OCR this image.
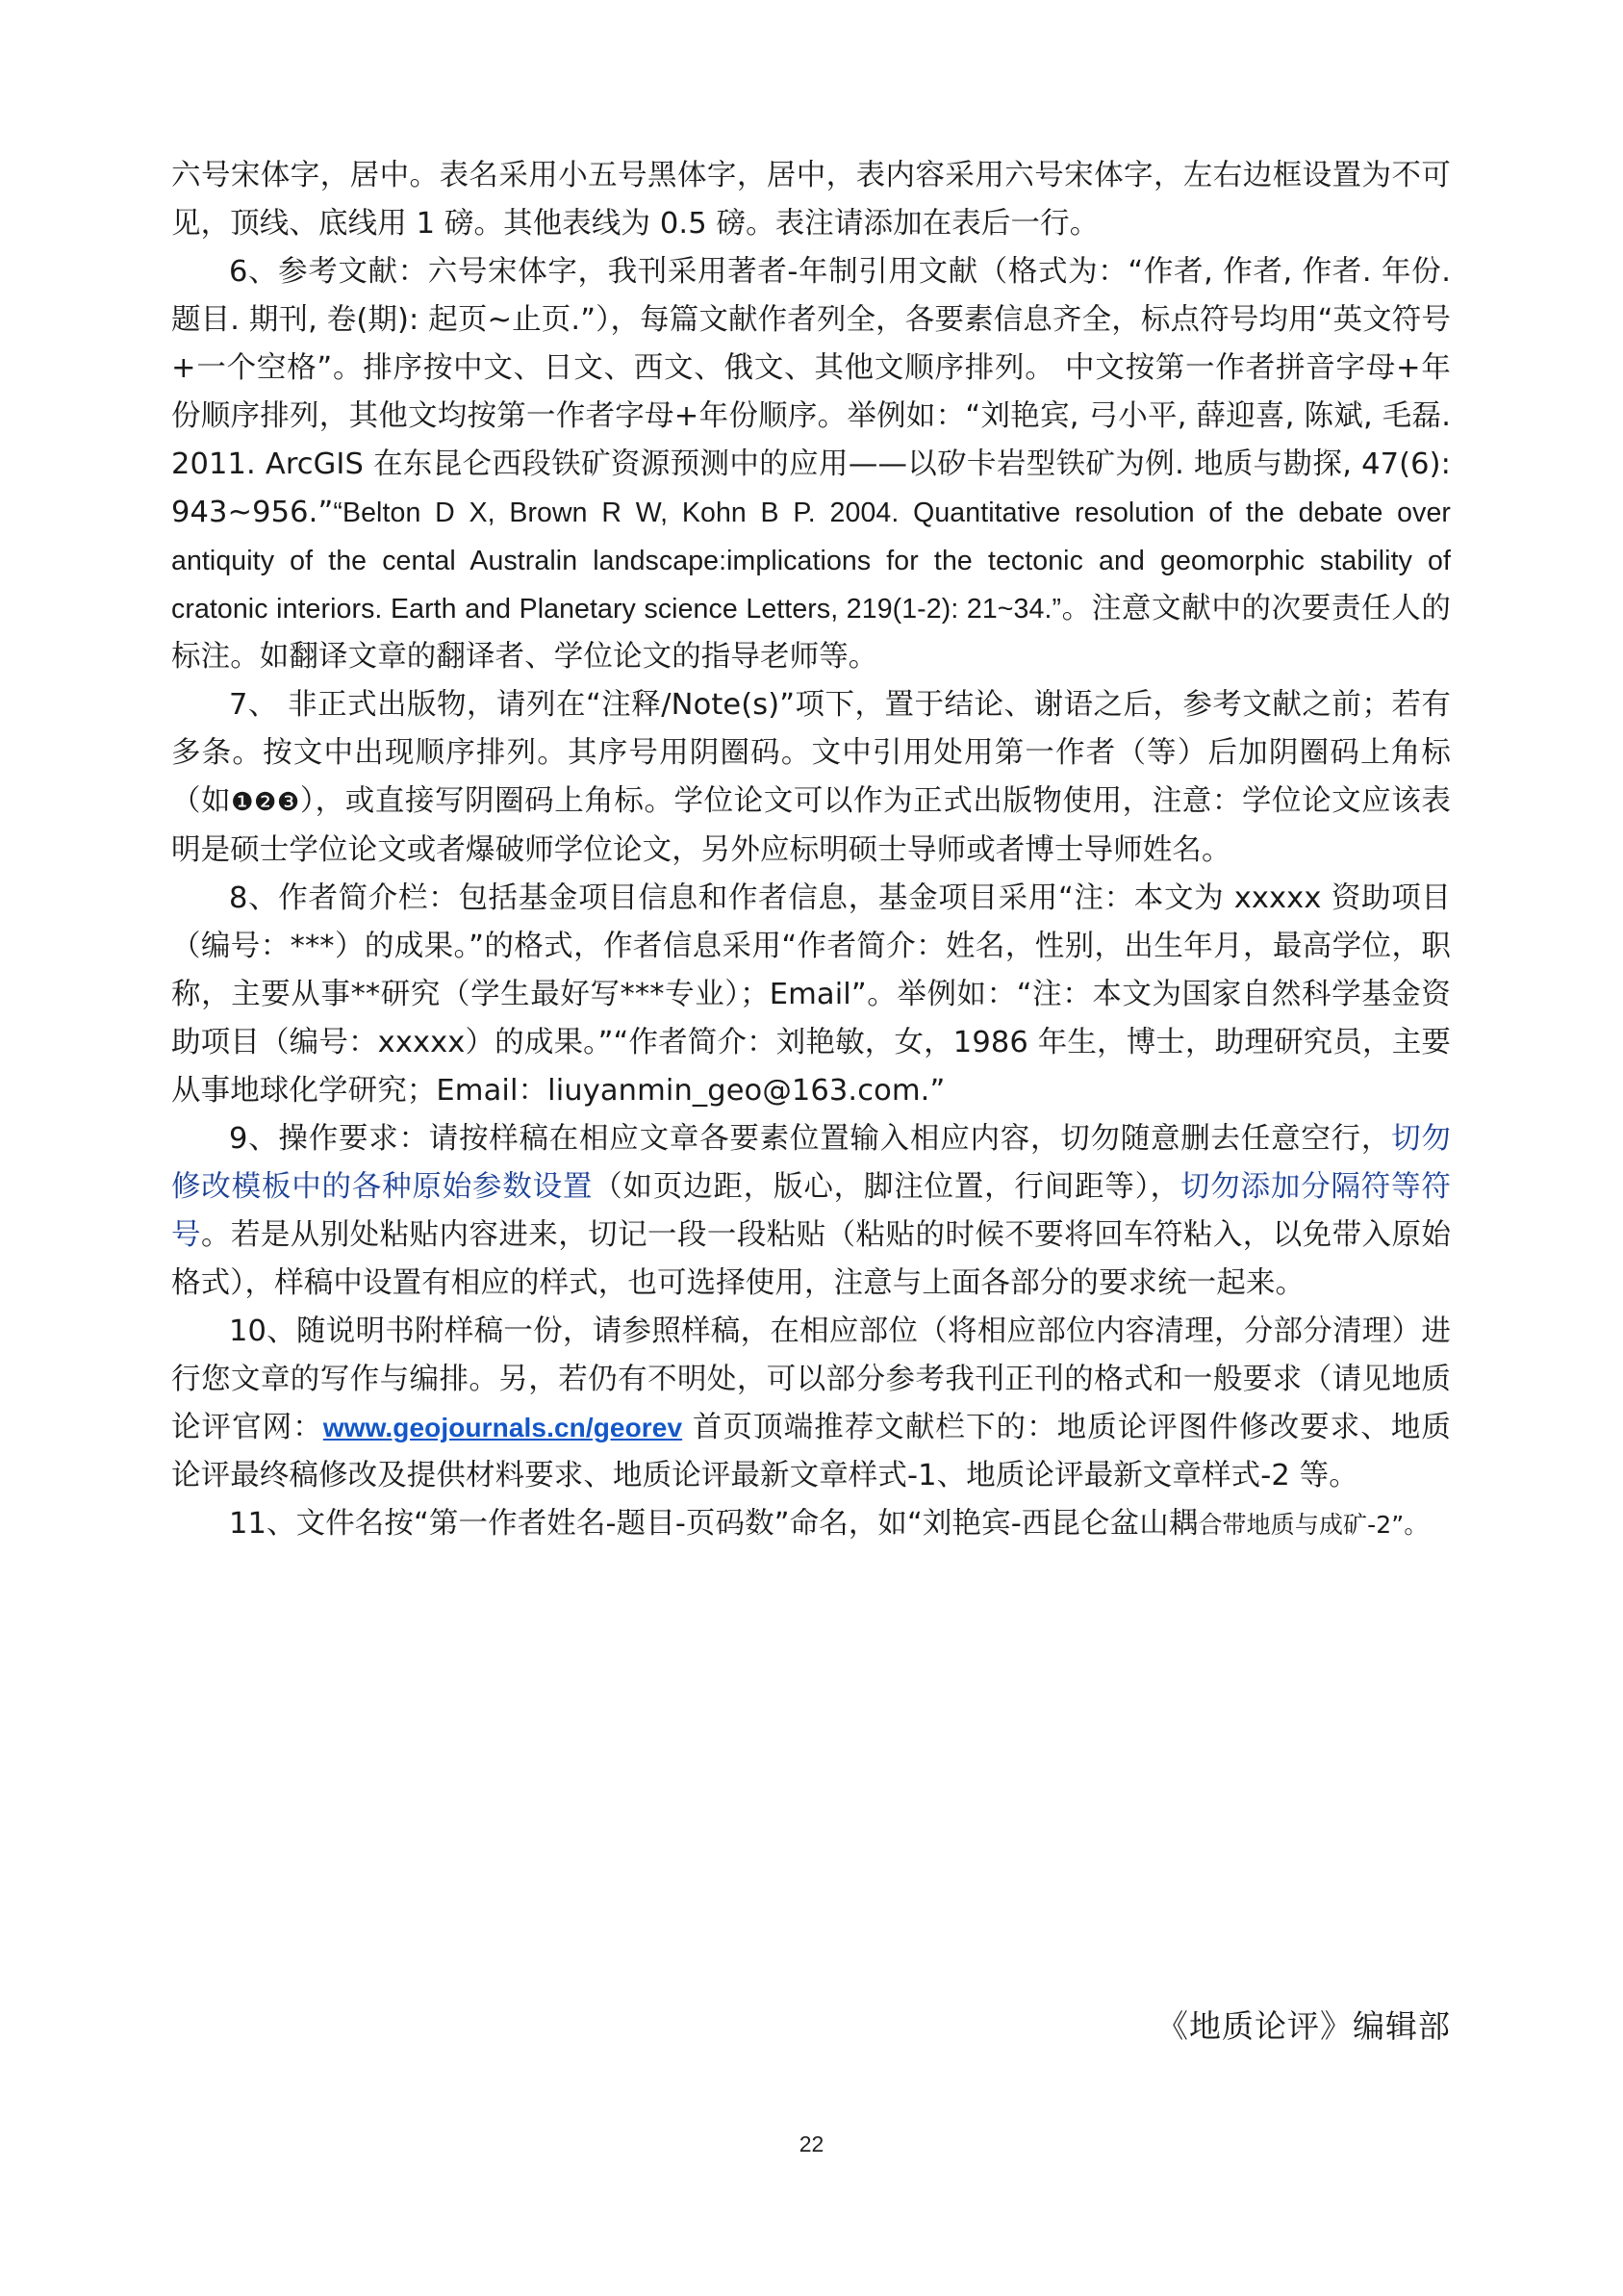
六号宋体字，居中。表名采用小五号黑体字，居中，表内容采用六号宋体字，左右边框设置为不可见，顶线、底线用 1 磅。其他表线为 0.5 磅。表注请添加在表后一行。

6、参考文献：六号宋体字，我刊采用著者-年制引用文献（格式为：“作者, 作者, 作者. 年份. 题目. 期刊, 卷(期): 起页~止页.”），每篇文献作者列全，各要素信息齐全，标点符号均用“英文符号+一个空格”。排序按中文、日文、西文、俄文、其他文顺序排列。 中文按第一作者拼音字母+年份顺序排列，其他文均按第一作者字母+年份顺序。举例如：“刘艳宾, 弓小平, 薛迎喜, 陈斌, 毛磊. 2011. ArcGIS 在东昆仑西段铁矿资源预测中的应用——以矽卡岩型铁矿为例. 地质与勘探, 47(6): 943~956.”“Belton D X, Brown R W, Kohn B P. 2004. Quantitative resolution of the debate over antiquity of the cental Australin landscape:implications for the tectonic and geomorphic stability of cratonic interiors. Earth and Planetary science Letters, 219(1-2): 21~34.”。注意文献中的次要责任人的标注。如翻译文章的翻译者、学位论文的指导老师等。

7、 非正式出版物，请列在“注释/Note(s)”项下，置于结论、谢语之后，参考文献之前；若有多条。按文中出现顺序排列。其序号用阴圈码。文中引用处用第一作者（等）后加阴圈码上角标（如❶❷❸），或直接写阴圈码上角标。学位论文可以作为正式出版物使用，注意：学位论文应该表明是硕士学位论文或者爆破师学位论文，另外应标明硕士导师或者博士导师姓名。

8、作者简介栏：包括基金项目信息和作者信息，基金项目采用“注：本文为 xxxxx 资助项目（编号：***）的成果。”的格式，作者信息采用“作者简介：姓名，性别，出生年月，最高学位，职称，主要从事**研究（学生最好写***专业）；Email”。举例如：“注：本文为国家自然科学基金资助项目（编号：xxxxx）的成果。”“作者简介：刘艳敏，女，1986 年生，博士，助理研究员，主要从事地球化学研究；Email：liuyanmin_geo@163.com.”

9、操作要求：请按样稿在相应文章各要素位置输入相应内容，切勿随意删去任意空行，切勿修改模板中的各种原始参数设置（如页边距，版心，脚注位置，行间距等），切勿添加分隔符等符号。若是从别处粘贴内容进来，切记一段一段粘贴（粘贴的时候不要将回车符粘入，以免带入原始格式），样稿中设置有相应的样式，也可选择使用，注意与上面各部分的要求统一起来。

10、随说明书附样稿一份，请参照样稿，在相应部位（将相应部位内容清理，分部分清理）进行您文章的写作与编排。另，若仍有不明处，可以部分参考我刊正刊的格式和一般要求（请见地质论评官网：www.geojournals.cn/georev 首页顶端推荐文献栏下的：地质论评图件修改要求、地质论评最终稿修改及提供材料要求、地质论评最新文章样式-1、地质论评最新文章样式-2 等。

11、文件名按“第一作者姓名-题目-页码数”命名，如“刘艳宾-西昆仑盆山耦合带地质与成矿-2”。

《地质论评》编辑部
22
